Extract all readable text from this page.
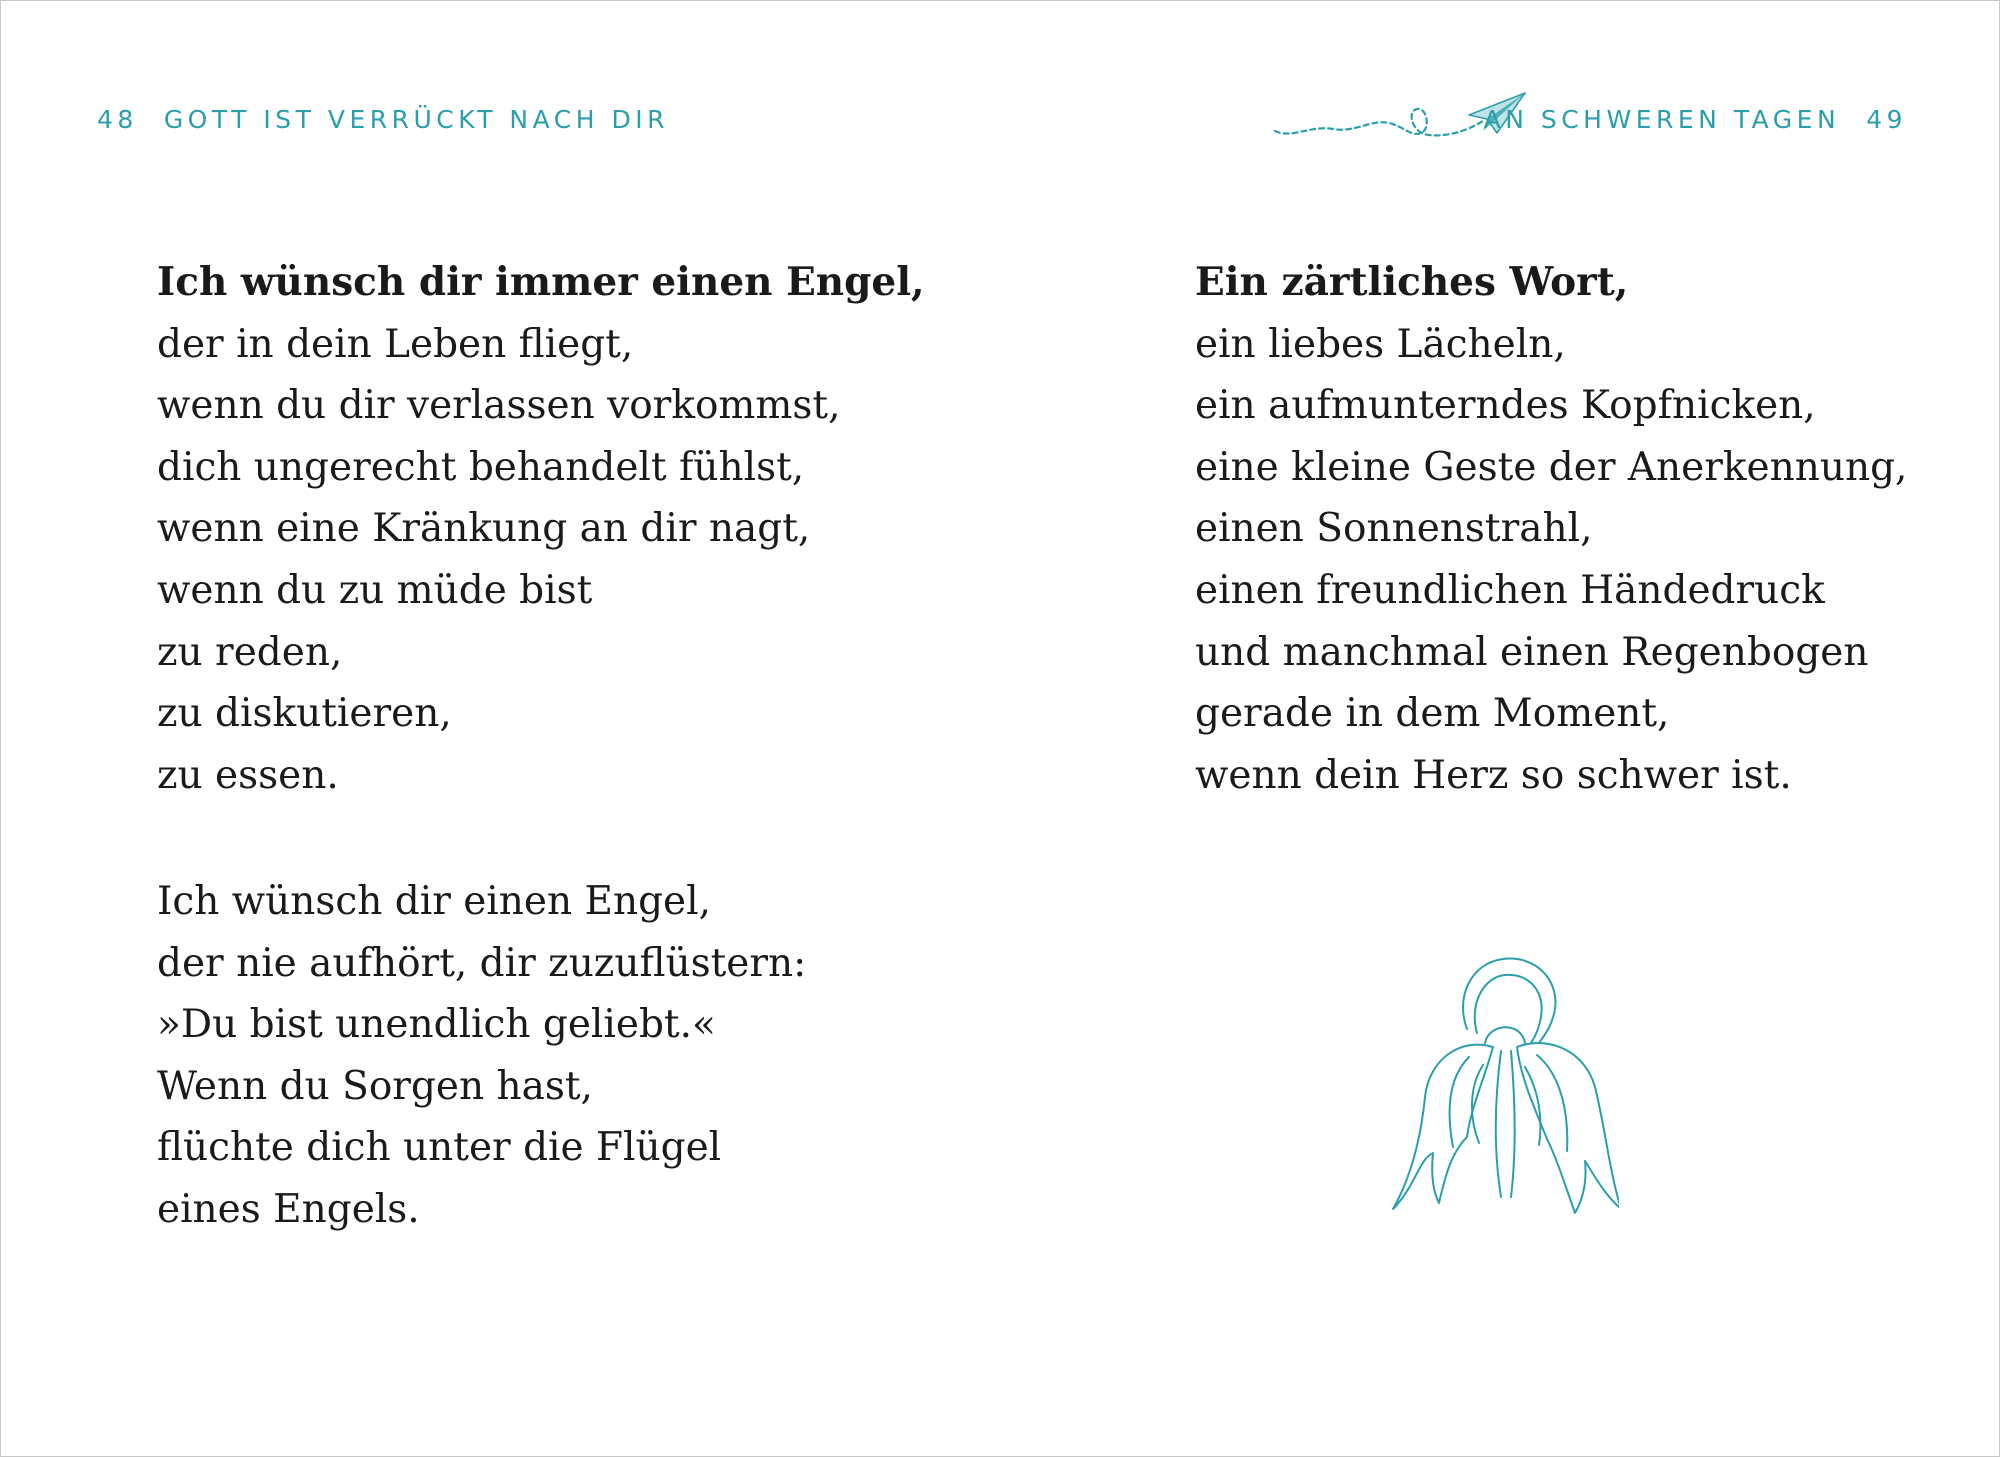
48 GOTT IST VERRÜCKT NACH DIR	AN SCHWEREN TAGEN 49
Ich wünsch dir immer einen Engel,
der in dein Leben fliegt,
wenn du dir verlassen vorkommst,
dich ungerecht behandelt fühlst,
wenn eine Kränkung an dir nagt,
wenn du zu müde bist
zu reden,
zu diskutieren,
zu essen.
Ich wünsch dir einen Engel,
der nie aufhört, dir zuzuflüstern:
»Du bist unendlich geliebt.«
Wenn du Sorgen hast,
flüchte dich unter die Flügel
eines Engels.
Ein zärtliches Wort,
ein liebes Lächeln,
ein aufmunterndes Kopfnicken,
eine kleine Geste der Anerkennung,
einen Sonnenstrahl,
einen freundlichen Händedruck
und manchmal einen Regenbogen
gerade in dem Moment,
wenn dein Herz so schwer ist.
